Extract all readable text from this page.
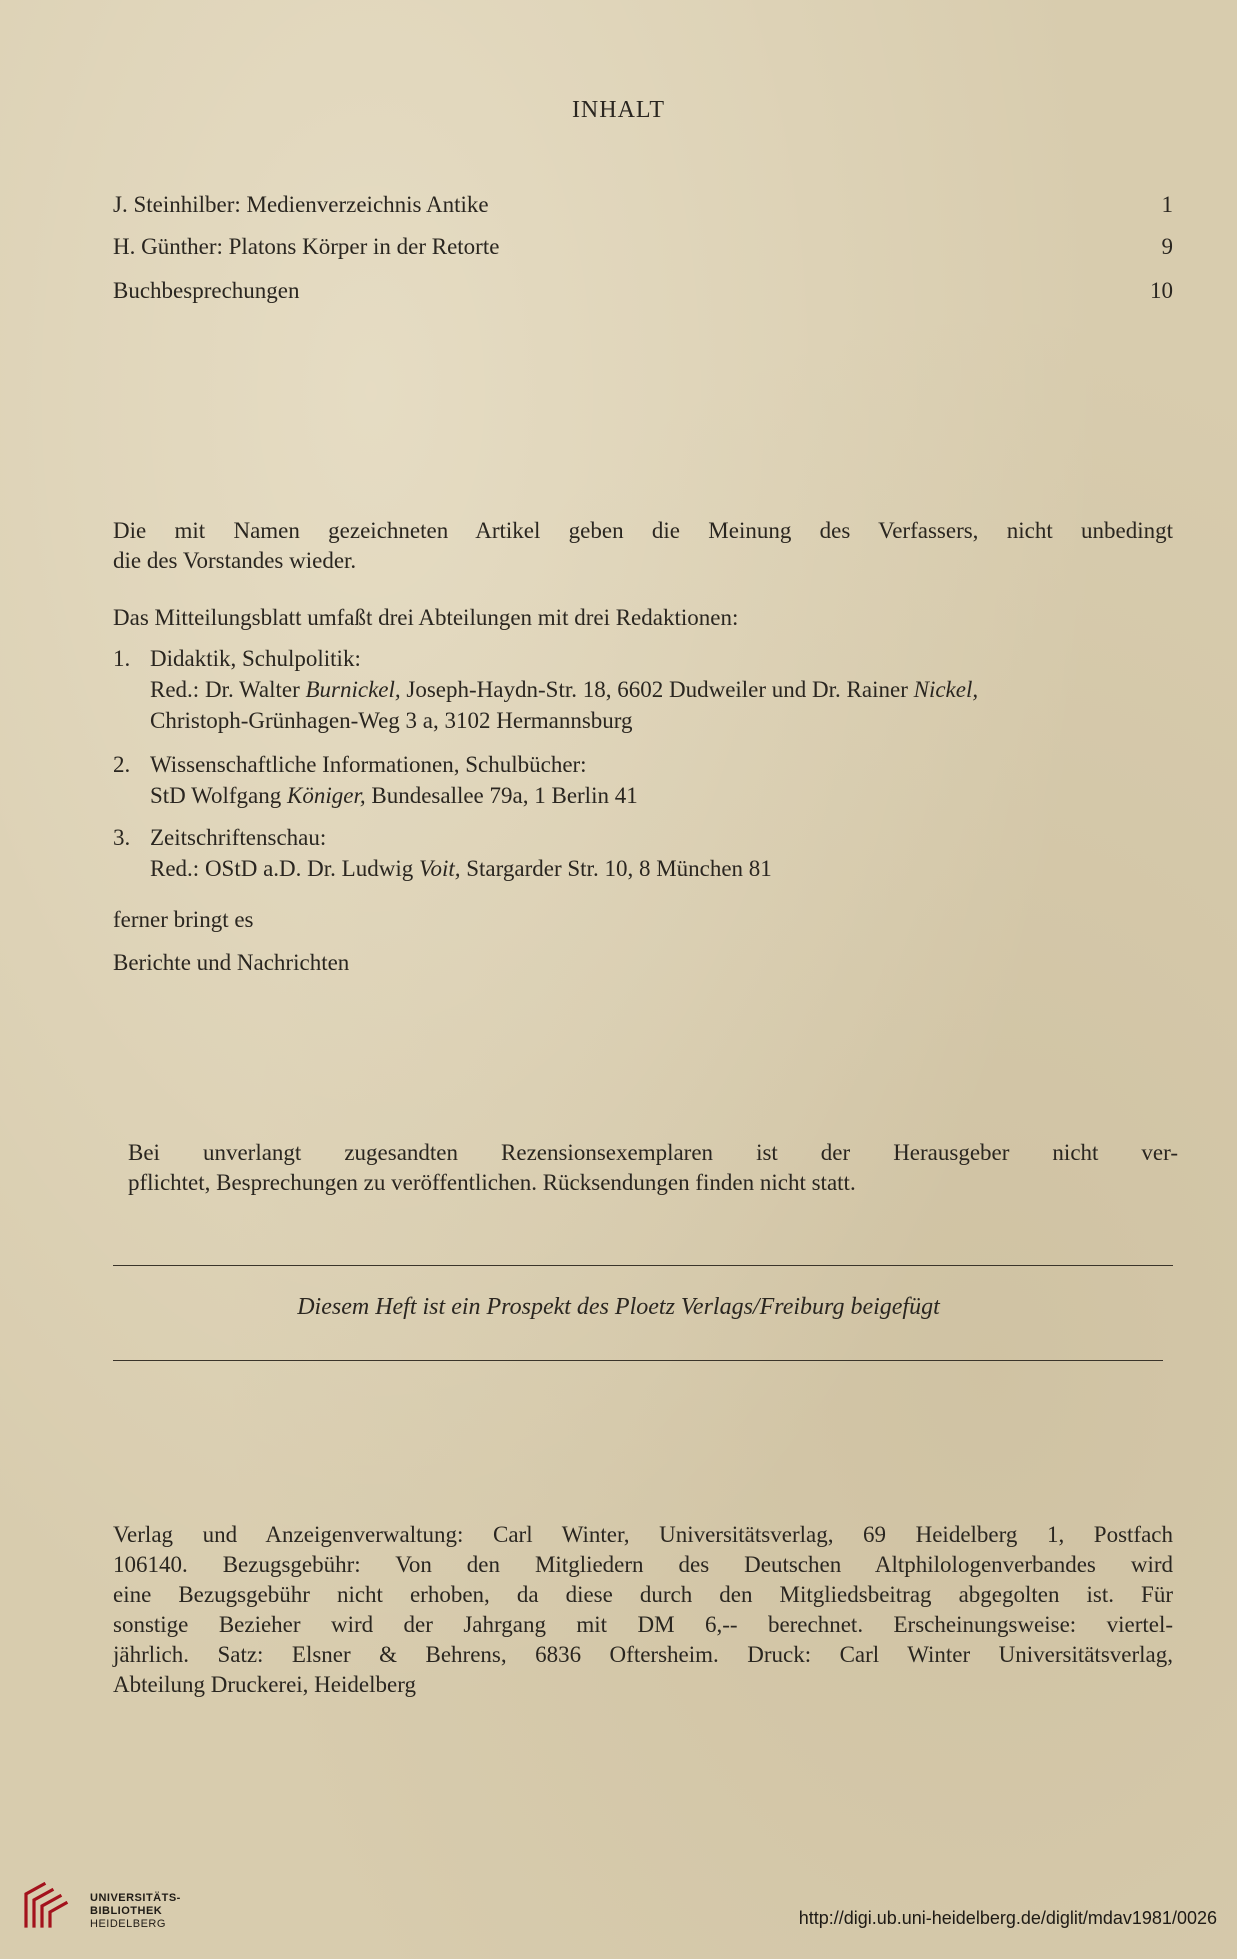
INHALT
J. Steinhilber: Medienverzeichnis Antike	1
H. Günther: Platons Körper in der Retorte	9
Buchbesprechungen	10
Die mit Namen gezeichneten Artikel geben die Meinung des Verfassers, nicht unbedingt
die des Vorstandes wieder.
Das Mitteilungsblatt umfaßt drei Abteilungen mit drei Redaktionen:
1. Didaktik, Schulpolitik:
Red.: Dr. Walter Burnickel, Joseph-Haydn-Str. 18, 6602 Dudweiler und Dr. Rainer Nickel,
Christoph-Grünhagen-Weg 3 a, 3102 Hermannsburg
2. Wissenschaftliche Informationen, Schulbücher:
StD Wolfgang Königer, Bundesallee 79a, 1 Berlin 41
3. Zeitschriftenschau:
Red.: OStD a.D. Dr. Ludwig Voit, Stargarder Str. 10, 8 München 81
ferner bringt es
Berichte und Nachrichten
Bei unverlangt zugesandten Rezensionsexemplaren ist der Herausgeber nicht ver-
pflichtet, Besprechungen zu veröffentlichen. Rücksendungen finden nicht statt.
Diesem Heft ist ein Prospekt des Ploetz Verlags/Freiburg beigefügt
Verlag und Anzeigenverwaltung: Carl Winter, Universitätsverlag, 69 Heidelberg 1, Postfach
106140. Bezugsgebühr: Von den Mitgliedern des Deutschen Altphilologenverbandes wird
eine Bezugsgebühr nicht erhoben, da diese durch den Mitgliedsbeitrag abgegolten ist. Für
sonstige Bezieher wird der Jahrgang mit DM 6,-- berechnet. Erscheinungsweise: viertel-
jährlich. Satz: Elsner & Behrens, 6836 Oftersheim. Druck: Carl Winter Universitätsverlag,
Abteilung Druckerei, Heidelberg
UNIVERSITÄTS-
BIBLIOTHEK
HEIDELBERG	http://digi.ub.uni-heidelberg.de/diglit/mdav1981/0026
